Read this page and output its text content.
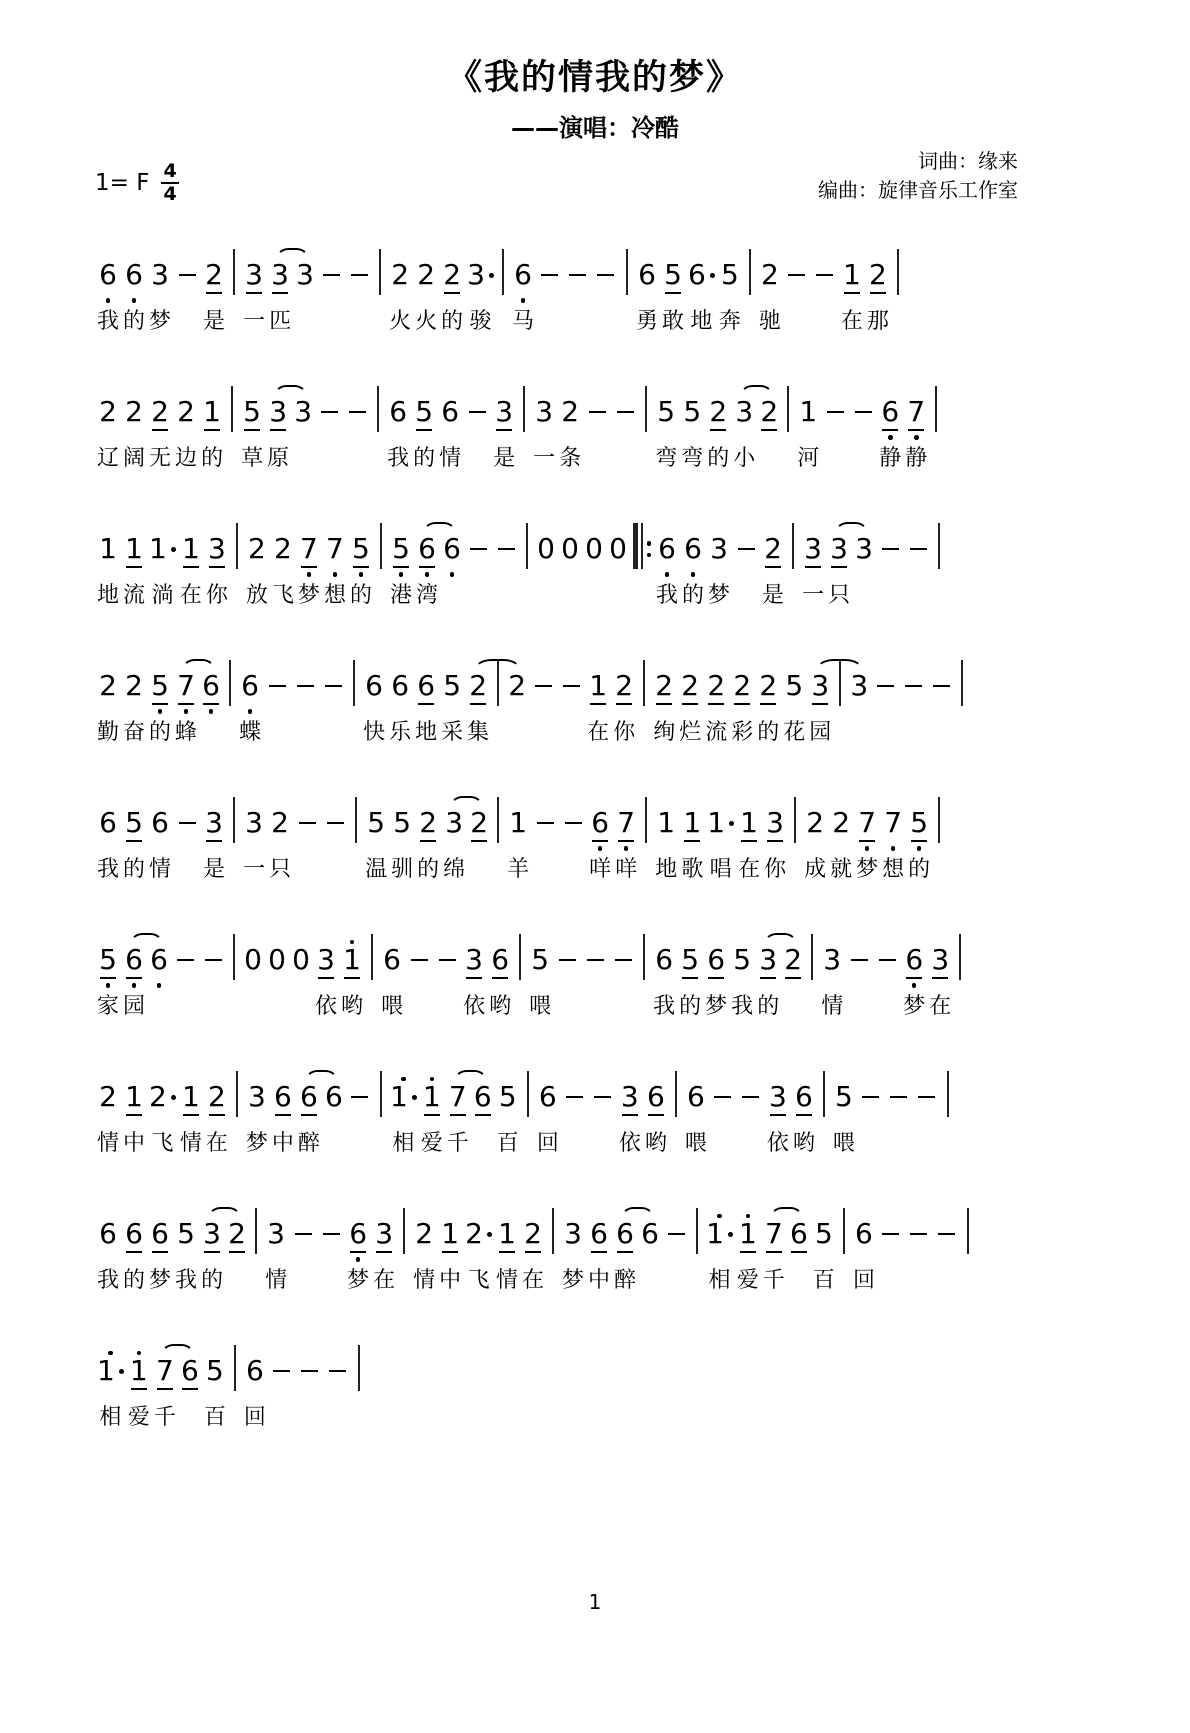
《我的情我的梦》
——演唱：冷酷
1= F $\frac{4}{4}$
词曲：缘来
编曲：旋律音乐工作室
6
我
6
的
3
梦
2
是
3
一
3
匹
3	2
火
2
火
2
的
3
骏
6
马
6
勇
5
敢
6
地
5
奔
2
驰
1
在
2
那
2
辽
2
阔
2
无
2
边
1
的
5
草
3
原
3	6
我
5
的
6
情
3
是
3
一
2
条
5
弯
5
弯
2
的
3
小
2 1
河
6
静
7
静
1
地
1
流
1
淌
1
在
3
你
2
放
2
飞
7
梦
7
想
5
的
5
港
6
湾
6	0 0 0 0 6
我
6
的
3
梦
2
是
3
一
3
只
3
2
勤
2
奋
5
的
7
蜂
6 6
蝶
6
快
6
乐
6
地
5
采
2
集
2 1
在
2
你
2
绚
2
烂
2
流
2
彩
2
的
5
花
3
园
3
6
我
5
的
6
情
3
是
3
一
2
只
5
温
5
驯
2
的
3
绵
2 1
羊
6
咩
7
咩
1
地
1
歌
1
唱
1
在
3
你
2
成
2
就
7
梦
7
想
5
的
5
家
6
园
6	0 0 0 3
依
1
哟
6
喂
3
依
6
哟
5
喂
6
我
5
的
6
梦
5
我
3
的
2 3
情
6
梦
3
在
2
情
1
中
2
飞
1
情
2
在
3
梦
6
中
6
醉
6 1
相
1
爱
7
千
6 5
百
6
回
3
依
6
哟
6
喂
3
依
6
哟
5
喂
6
我
6
的
6
梦
5
我
3
的
2 3
情
6
梦
3
在
2
情
1
中
2
飞
1
情
2
在
3
梦
6
中
6
醉
6 1
相
1
爱
7
千
6 5
百
6
回
1
相
1
爱
7
千
6 5
百
6
回
1
